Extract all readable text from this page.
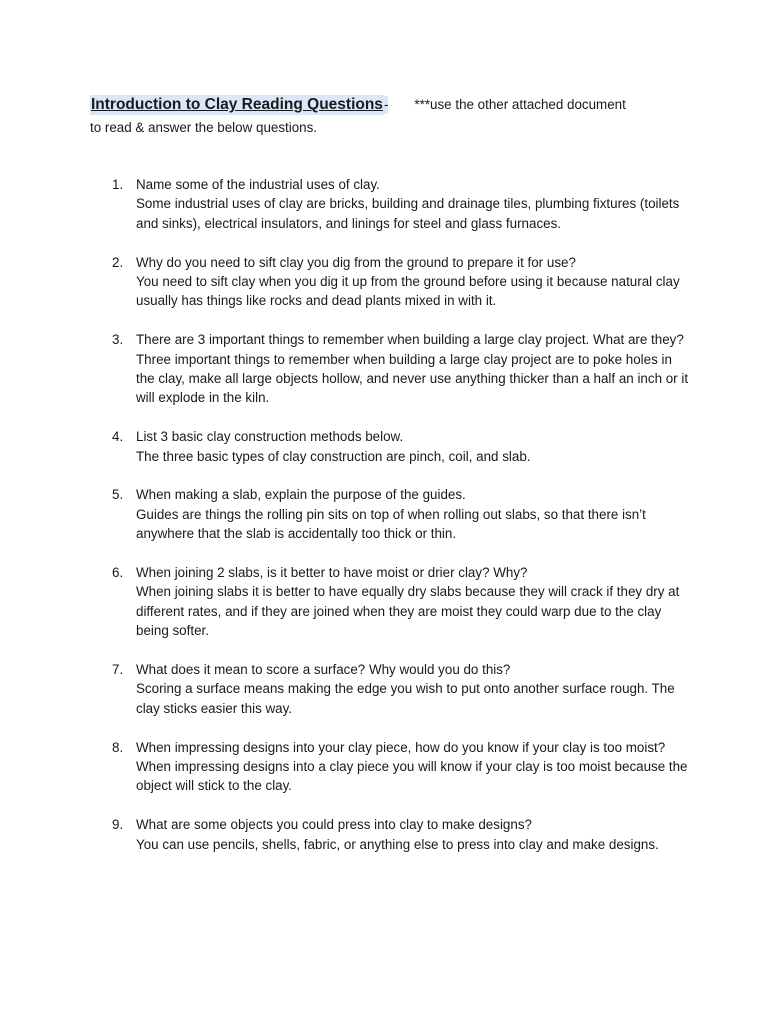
Introduction to Clay Reading Questions- ***use the other attached document
to read & answer the below questions.
1. Name some of the industrial uses of clay.
Some industrial uses of clay are bricks, building and drainage tiles, plumbing fixtures (toilets and sinks), electrical insulators, and linings for steel and glass furnaces.
2. Why do you need to sift clay you dig from the ground to prepare it for use?
You need to sift clay when you dig it up from the ground before using it because natural clay usually has things like rocks and dead plants mixed in with it.
3. There are 3 important things to remember when building a large clay project. What are they?
Three important things to remember when building a large clay project are to poke holes in the clay, make all large objects hollow, and never use anything thicker than a half an inch or it will explode in the kiln.
4. List 3 basic clay construction methods below.
The three basic types of clay construction are pinch, coil, and slab.
5. When making a slab, explain the purpose of the guides.
Guides are things the rolling pin sits on top of when rolling out slabs, so that there isn’t anywhere that the slab is accidentally too thick or thin.
6. When joining 2 slabs, is it better to have moist or drier clay? Why?
When joining slabs it is better to have equally dry slabs because they will crack if they dry at different rates, and if they are joined when they are moist they could warp due to the clay being softer.
7. What does it mean to score a surface? Why would you do this?
Scoring a surface means making the edge you wish to put onto another surface rough. The clay sticks easier this way.
8. When impressing designs into your clay piece, how do you know if your clay is too moist?
When impressing designs into a clay piece you will know if your clay is too moist because the object will stick to the clay.
9. What are some objects you could press into clay to make designs?
You can use pencils, shells, fabric, or anything else to press into clay and make designs.
